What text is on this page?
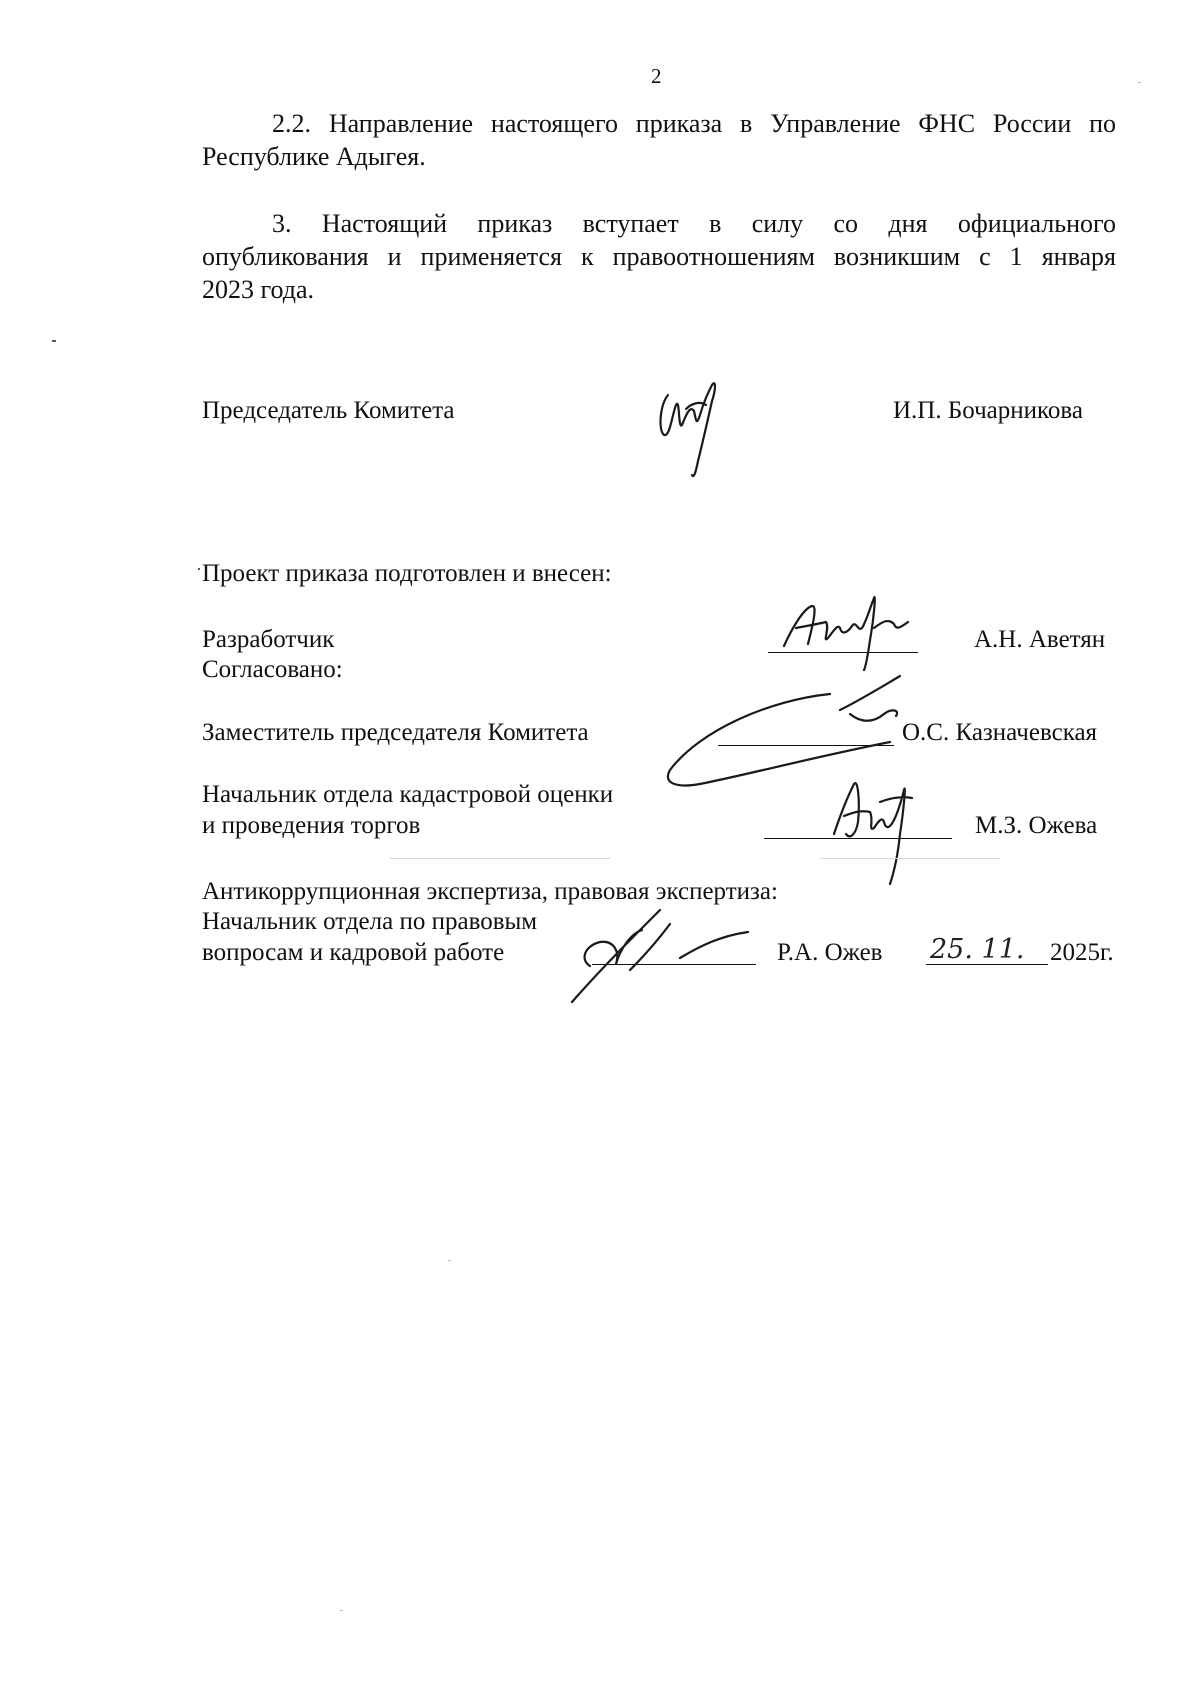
2
2.2. Направление настоящего приказа в Управление ФНС России по
Республике Адыгея.
3. Настоящий приказ вступает в силу со дня официального
опубликования и применяется к правоотношениям возникшим с 1 января
2023 года.
Председатель Комитета	И.П. Бочарникова
Проект приказа подготовлен и внесен:
Разработчик	А.Н. Аветян
Согласовано:
Заместитель председателя Комитета	О.С. Казначевская
Начальник отдела кадастровой оценки
и проведения торгов	М.З. Ожева
Антикоррупционная экспертиза, правовая экспертиза:
Начальник отдела по правовым
вопросам и кадровой работе	Р.А. Ожев 25. 11. 2025г.
